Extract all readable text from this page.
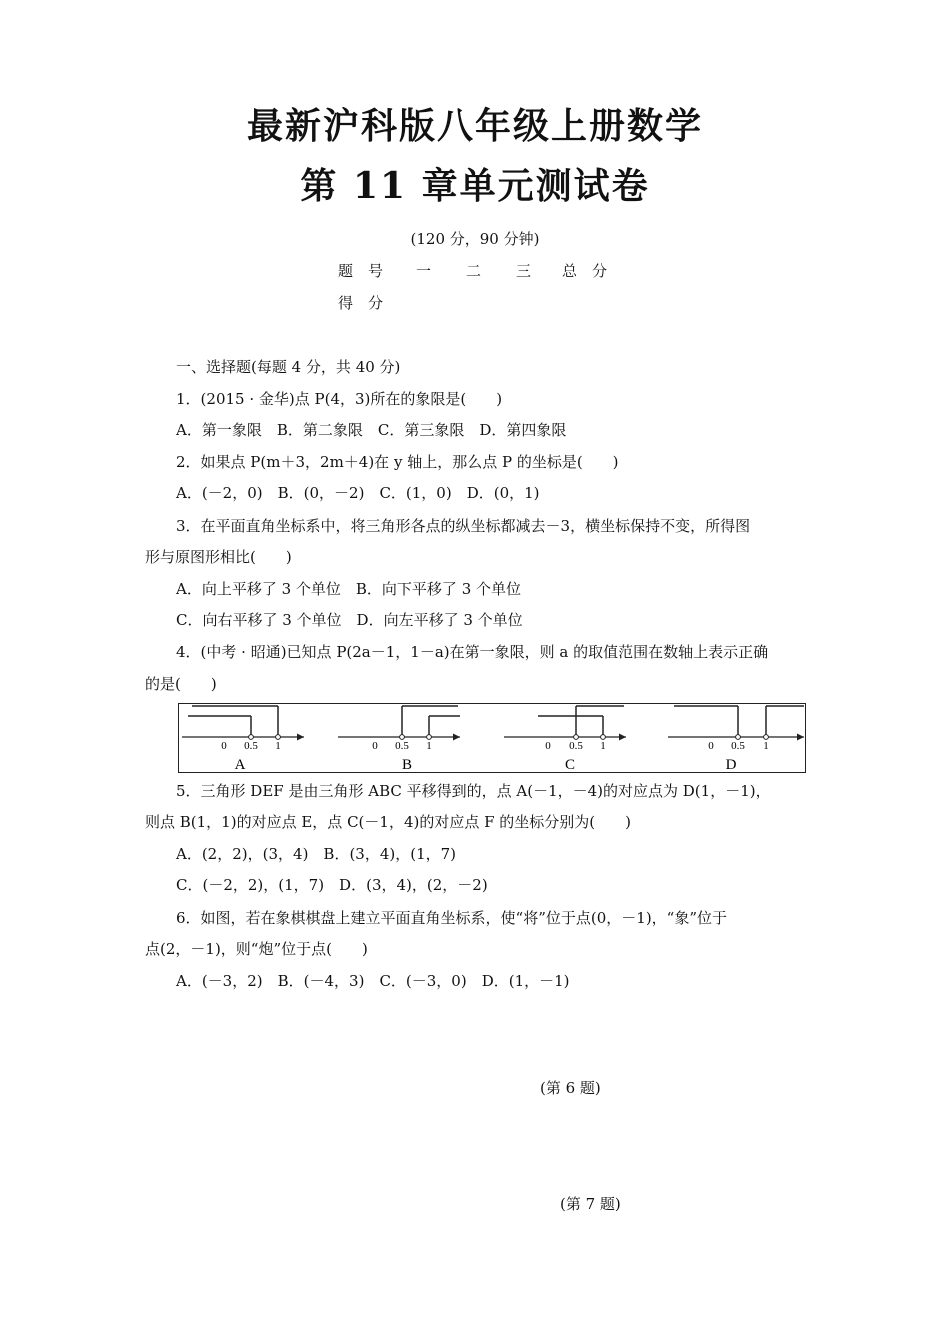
最新沪科版八年级上册数学
第 11 章单元测试卷
(120 分，90 分钟)
题　号 一 二 三 总　分
得　分
一、选择题(每题 4 分，共 40 分)
1．(2015 · 金华)点 P(4，3)所在的象限是(　　)
A．第一象限　B．第二象限　C．第三象限　D．第四象限
2．如果点 P(m＋3，2m＋4)在 y 轴上，那么点 P 的坐标是(　　)
A．(－2，0)　B．(0，－2)　C．(1，0)　D．(0，1)
3．在平面直角坐标系中，将三角形各点的纵坐标都减去－3，横坐标保持不变，所得图
形与原图形相比(　　)
A．向上平移了 3 个单位　B．向下平移了 3 个单位
C．向右平移了 3 个单位　D．向左平移了 3 个单位
4．(中考 · 昭通)已知点 P(2a－1，1－a)在第一象限，则 a 的取值范围在数轴上表示正确
的是(　　)
0 0.5 1
A
0 0.5 1
B
0 0.5 1
C
0 0.5 1
D
5．三角形 DEF 是由三角形 ABC 平移得到的，点 A(－1，－4)的对应点为 D(1，－1)，
则点 B(1，1)的对应点 E，点 C(－1，4)的对应点 F 的坐标分别为(　　)
A．(2，2)，(3，4)　B．(3，4)，(1，7)
C．(－2，2)，(1，7)　D．(3，4)，(2，－2)
6．如图，若在象棋棋盘上建立平面直角坐标系，使“将”位于点(0，－1)，“象”位于
点(2，－1)，则“炮”位于点(　　)
A．(－3，2)　B．(－4，3)　C．(－3，0)　D．(1，－1)
(第 6 题)
(第 7 题)
